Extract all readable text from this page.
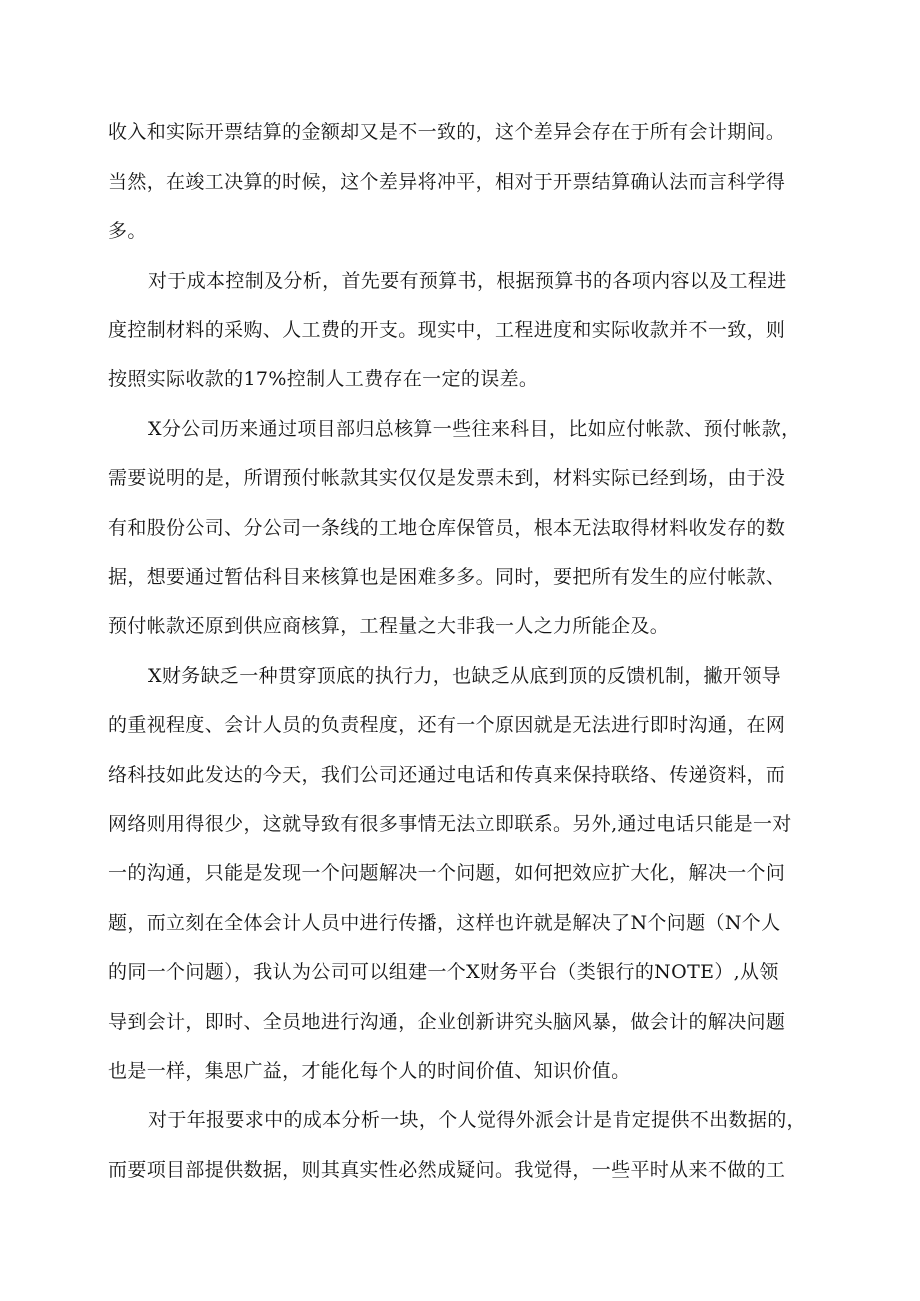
收入和实际开票结算的金额却又是不一致的，这个差异会存在于所有会计期间。
当然，在竣工决算的时候，这个差异将冲平，相对于开票结算确认法而言科学得
多。
对于成本控制及分析，首先要有预算书，根据预算书的各项内容以及工程进
度控制材料的采购、人工费的开支。现实中，工程进度和实际收款并不一致，则
按照实际收款的17%控制人工费存在一定的误差。
X分公司历来通过项目部归总核算一些往来科目，比如应付帐款、预付帐款，
需要说明的是，所谓预付帐款其实仅仅是发票未到，材料实际已经到场，由于没
有和股份公司、分公司一条线的工地仓库保管员，根本无法取得材料收发存的数
据，想要通过暂估科目来核算也是困难多多。同时，要把所有发生的应付帐款、
预付帐款还原到供应商核算，工程量之大非我一人之力所能企及。
X财务缺乏一种贯穿顶底的执行力，也缺乏从底到顶的反馈机制，撇开领导
的重视程度、会计人员的负责程度，还有一个原因就是无法进行即时沟通，在网
络科技如此发达的今天，我们公司还通过电话和传真来保持联络、传递资料，而
网络则用得很少，这就导致有很多事情无法立即联系。另外,通过电话只能是一对
一的沟通，只能是发现一个问题解决一个问题，如何把效应扩大化，解决一个问
题，而立刻在全体会计人员中进行传播，这样也许就是解决了N个问题（N个人
的同一个问题），我认为公司可以组建一个X财务平台（类银行的NOTE）,从领
导到会计，即时、全员地进行沟通，企业创新讲究头脑风暴，做会计的解决问题
也是一样，集思广益，才能化每个人的时间价值、知识价值。
对于年报要求中的成本分析一块，个人觉得外派会计是肯定提供不出数据的，
而要项目部提供数据，则其真实性必然成疑问。我觉得，一些平时从来不做的工
